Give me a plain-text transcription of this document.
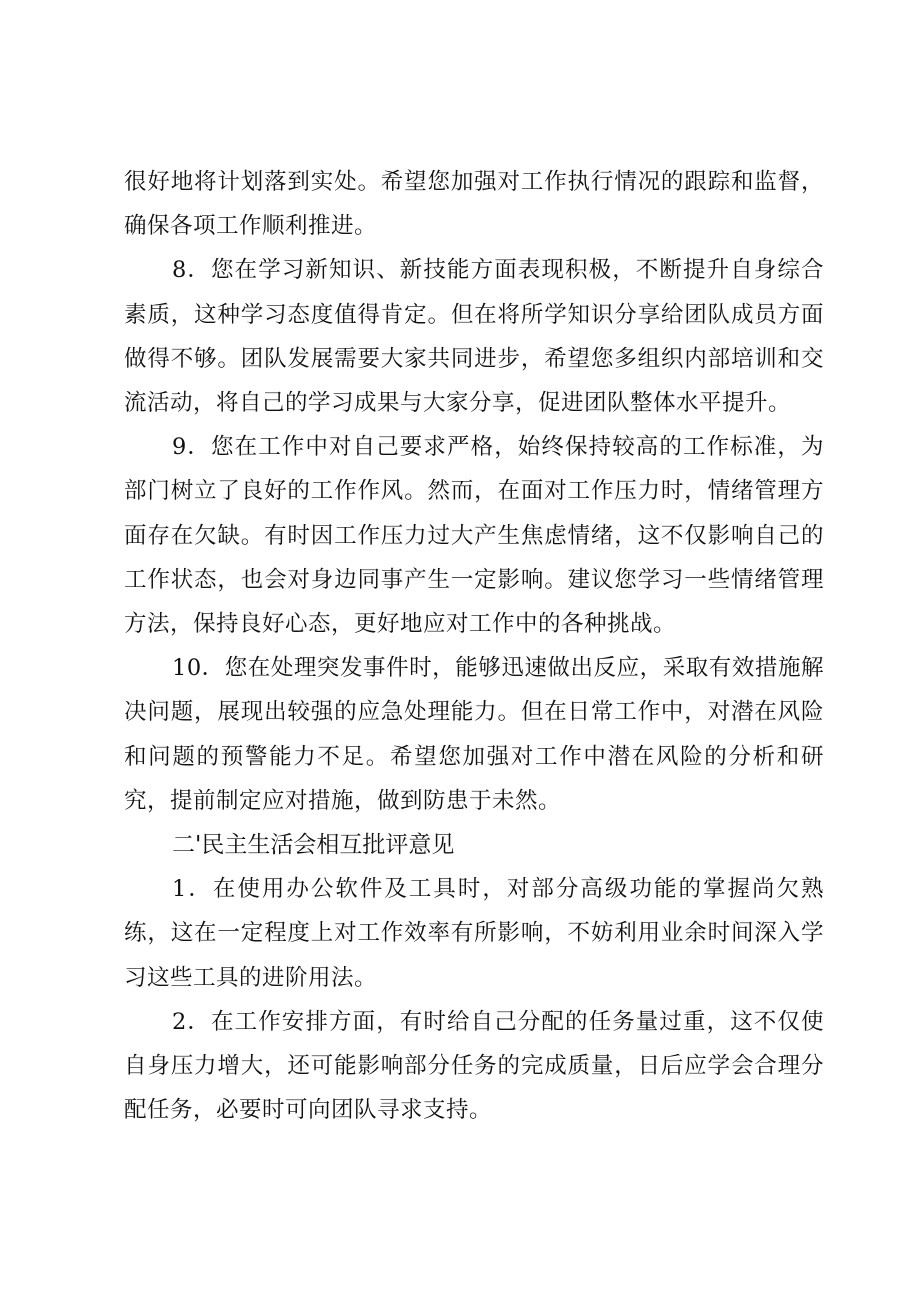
很好地将计划落到实处。希望您加强对工作执行情况的跟踪和监督，确保各项工作顺利推进。

8．您在学习新知识、新技能方面表现积极，不断提升自身综合素质，这种学习态度值得肯定。但在将所学知识分享给团队成员方面做得不够。团队发展需要大家共同进步，希望您多组织内部培训和交流活动，将自己的学习成果与大家分享，促进团队整体水平提升。

9．您在工作中对自己要求严格，始终保持较高的工作标准，为部门树立了良好的工作作风。然而，在面对工作压力时，情绪管理方面存在欠缺。有时因工作压力过大产生焦虑情绪，这不仅影响自己的工作状态，也会对身边同事产生一定影响。建议您学习一些情绪管理方法，保持良好心态，更好地应对工作中的各种挑战。

10．您在处理突发事件时，能够迅速做出反应，采取有效措施解决问题，展现出较强的应急处理能力。但在日常工作中，对潜在风险和问题的预警能力不足。希望您加强对工作中潜在风险的分析和研究，提前制定应对措施，做到防患于未然。

二'民主生活会相互批评意见

1．在使用办公软件及工具时，对部分高级功能的掌握尚欠熟练，这在一定程度上对工作效率有所影响，不妨利用业余时间深入学习这些工具的进阶用法。

2．在工作安排方面，有时给自己分配的任务量过重，这不仅使自身压力增大，还可能影响部分任务的完成质量，日后应学会合理分配任务，必要时可向团队寻求支持。
